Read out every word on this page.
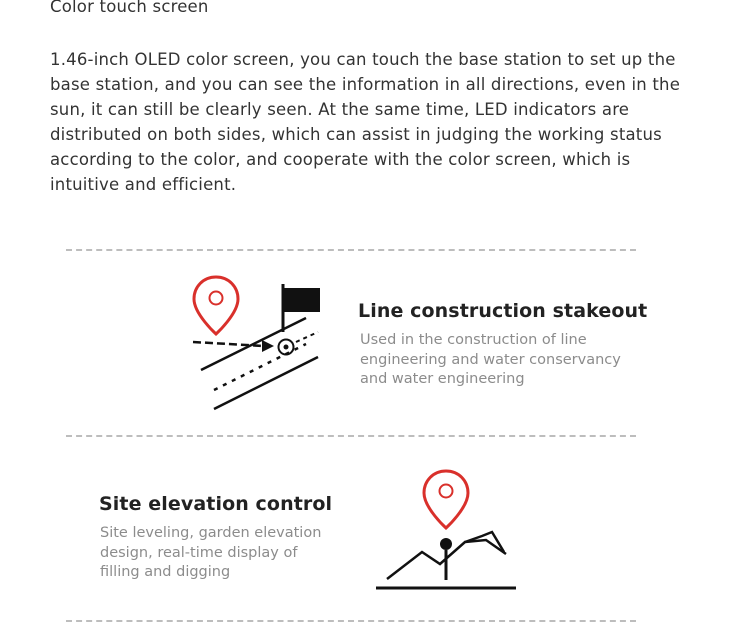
Color touch screen

1.46-inch OLED color screen, you can touch the base station to set up the base station, and you can see the information in all directions, even in the sun, it can still be clearly seen. At the same time, LED indicators are distributed on both sides, which can assist in judging the working status according to the color, and cooperate with the color screen, which is intuitive and efficient.

Line construction stakeout

Used in the construction of line engineering and water conservancy and water engineering

Site elevation control

Site leveling, garden elevation design, real-time display of filling and digging
